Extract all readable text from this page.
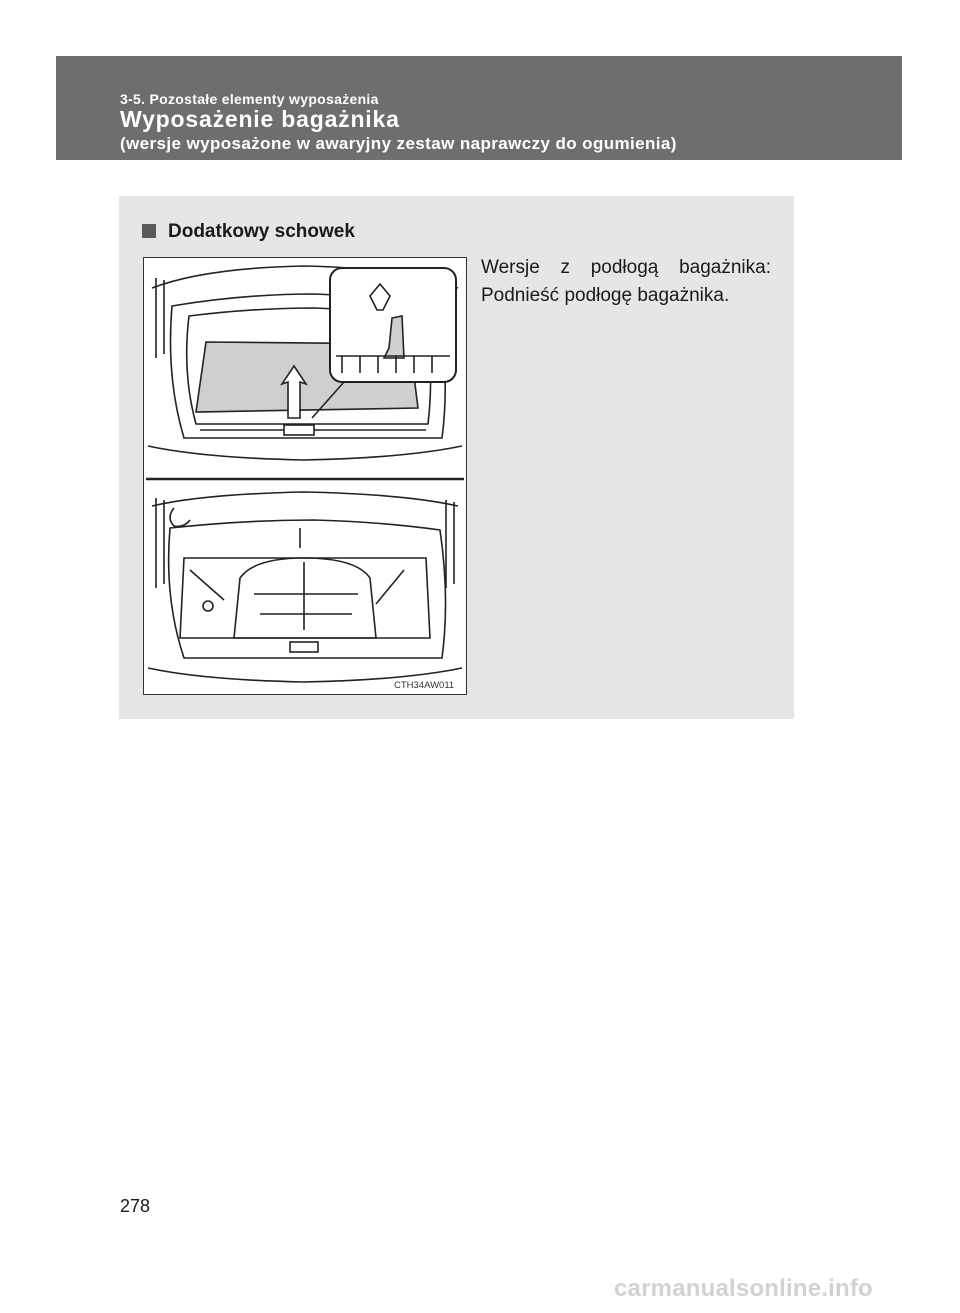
3-5. Pozostałe elementy wyposażenia
Wyposażenie bagażnika
(wersje wyposażone w awaryjny zestaw naprawczy do ogumienia)
Dodatkowy schowek
Wersje z podłogą bagażnika:
Podnieść podłogę bagażnika.
CTH34AW011
278
carmanualsonline.info
